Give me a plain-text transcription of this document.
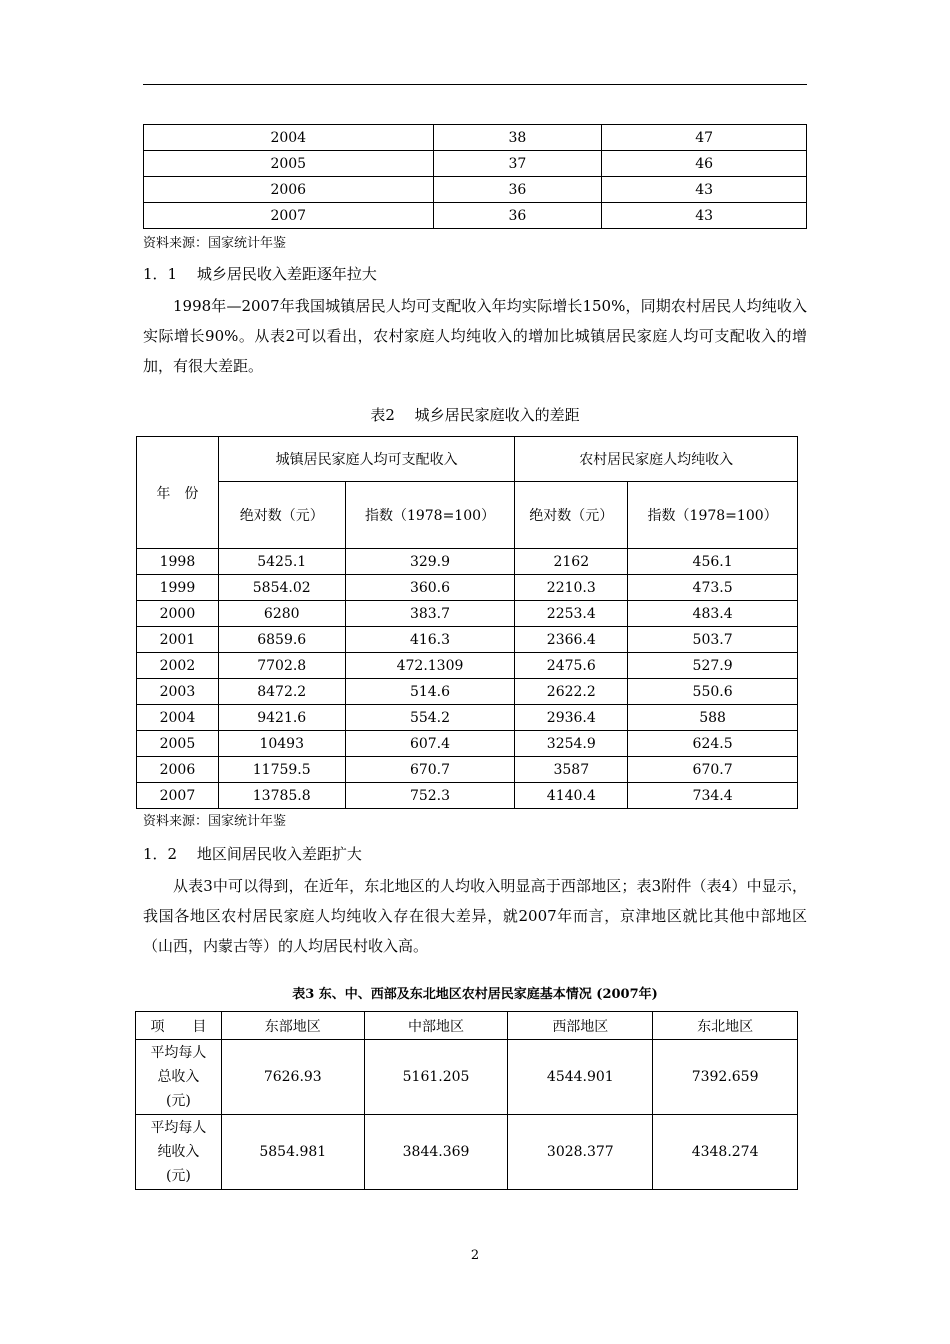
2004	38	47
2005	37	46
2006	36	43
2007	36	43
资料来源：国家统计年鉴
1．1　 城乡居民收入差距逐年拉大
1998年—2007年我国城镇居民人均可支配收入年均实际增长150%，同期农村居民人均纯收入实际增长90%。从表2可以看出，农村家庭人均纯收入的增加比城镇居民家庭人均可支配收入的增加，有很大差距。
表2　 城乡居民家庭收入的差距
年　份	城镇居民家庭人均可支配收入		农村居民家庭人均纯收入	
	绝对数（元）	指数（1978=100）	绝对数（元）	指数（1978=100）
1998	5425.1	329.9	2162	456.1
1999	5854.02	360.6	2210.3	473.5
2000	6280	383.7	2253.4	483.4
2001	6859.6	416.3	2366.4	503.7
2002	7702.8	472.1309	2475.6	527.9
2003	8472.2	514.6	2622.2	550.6
2004	9421.6	554.2	2936.4	588
2005	10493	607.4	3254.9	624.5
2006	11759.5	670.7	3587	670.7
2007	13785.8	752.3	4140.4	734.4
资料来源：国家统计年鉴
1．2　 地区间居民收入差距扩大
从表3中可以得到，在近年，东北地区的人均收入明显高于西部地区；表3附件（表4）中显示，我国各地区农村居民家庭人均纯收入存在很大差异，就2007年而言，京津地区就比其他中部地区（山西，内蒙古等）的人均居民村收入高。
表3 东、中、西部及东北地区农村居民家庭基本情况 (2007年)
项　　目	东部地区	中部地区	西部地区	东北地区

平均每人
总收入
(元)	7626.93	5161.205	4544.901	7392.659

平均每人
纯收入
(元)	5854.981	3844.369	3028.377	4348.274
2
